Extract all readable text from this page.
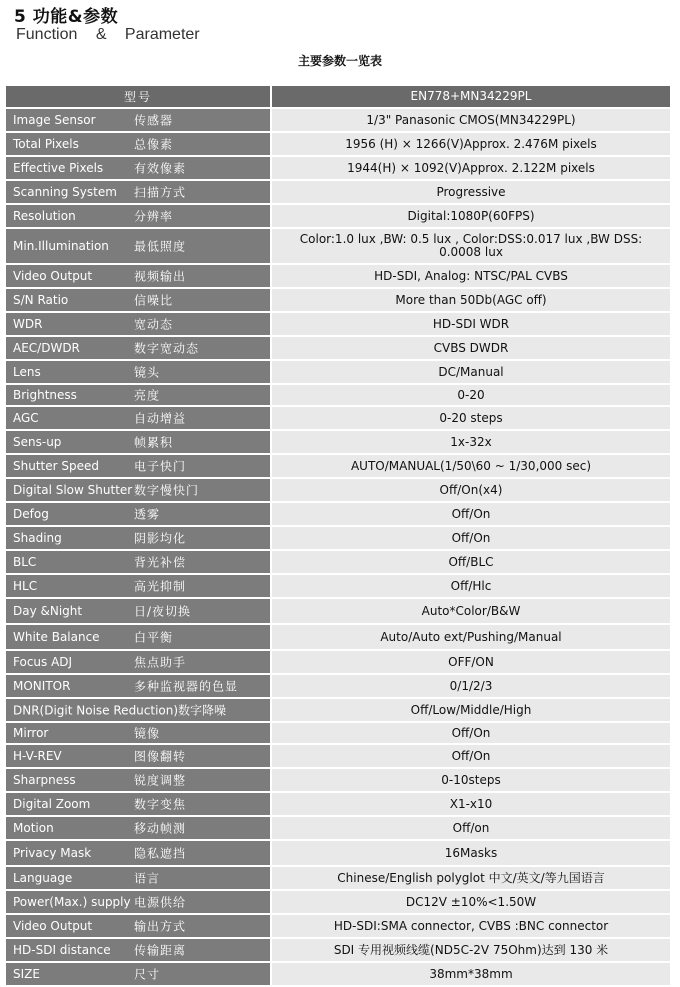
5 功能&参数
Function & Parameter
主要参数一览表
型号	EN778+MN34229PL

Image Sensor 传感器	1/3" Panasonic CMOS(MN34229PL)

Total Pixels 总像素	1956 (H) × 1266(V)Approx. 2.476M pixels

Effective Pixels 有效像素	1944(H) × 1092(V)Approx. 2.122M pixels

Scanning System 扫描方式	Progressive

Resolution 分辨率	Digital:1080P(60FPS)

Min.Illumination 最低照度	Color:1.0 lux ,BW: 0.5 lux , Color:DSS:0.017 lux ,BW DSS: 0.0008 lux

Video Output 视频输出	HD-SDI, Analog: NTSC/PAL CVBS

S/N Ratio 信噪比	More than 50Db(AGC off)

WDR 宽动态	HD-SDI WDR

AEC/DWDR 数字宽动态	CVBS DWDR

Lens 镜头	DC/Manual

Brightness 亮度	0-20

AGC 自动增益	0-20 steps

Sens-up 帧累积	1x-32x

Shutter Speed 电子快门	AUTO/MANUAL(1/50\60 ~ 1/30,000 sec)

Digital Slow Shutter 数字慢快门	Off/On(x4)

Defog 透雾	Off/On

Shading 阴影均化	Off/On

BLC 背光补偿	Off/BLC

HLC 高光抑制	Off/Hlc

Day &Night 日/夜切换	Auto*Color/B&W

White Balance 白平衡	Auto/Auto ext/Pushing/Manual

Focus ADJ 焦点助手	OFF/ON

MONITOR 多种监视器的色显	0/1/2/3

DNR(Digit Noise Reduction)数字降噪	Off/Low/Middle/High

Mirror 镜像	Off/On

H-V-REV 图像翻转	Off/On

Sharpness 锐度调整	0-10steps

Digital Zoom 数字变焦	X1-x10

Motion 移动帧测	Off/on

Privacy Mask 隐私遮挡	16Masks

Language 语言	Chinese/English polyglot 中文/英文/等九国语言

Power(Max.) supply 电源供给	DC12V ±10%<1.50W

Video Output 输出方式	HD-SDI:SMA connector, CVBS :BNC connector

HD-SDI distance 传输距离	SDI 专用视频线缆(ND5C-2V 75Ohm)达到 130 米

SIZE 尺寸	38mm*38mm
